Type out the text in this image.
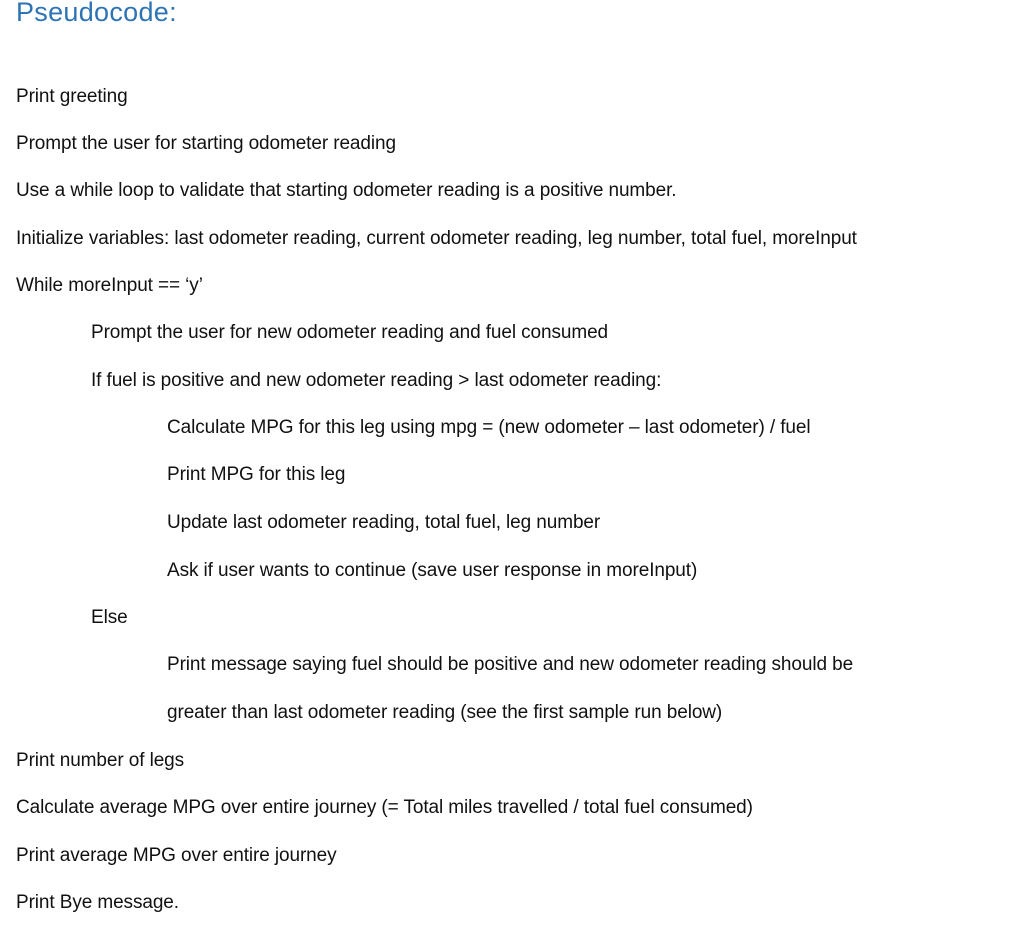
Pseudocode:

Print greeting

Prompt the user for starting odometer reading

Use a while loop to validate that starting odometer reading is a positive number.

Initialize variables: last odometer reading, current odometer reading, leg number, total fuel, moreInput

While moreInput == ‘y’

Prompt the user for new odometer reading and fuel consumed

If fuel is positive and new odometer reading > last odometer reading:

Calculate MPG for this leg using mpg = (new odometer – last odometer) / fuel

Print MPG for this leg

Update last odometer reading, total fuel, leg number

Ask if user wants to continue (save user response in moreInput)

Else

Print message saying fuel should be positive and new odometer reading should be

greater than last odometer reading (see the first sample run below)

Print number of legs

Calculate average MPG over entire journey (= Total miles travelled / total fuel consumed)

Print average MPG over entire journey

Print Bye message.
